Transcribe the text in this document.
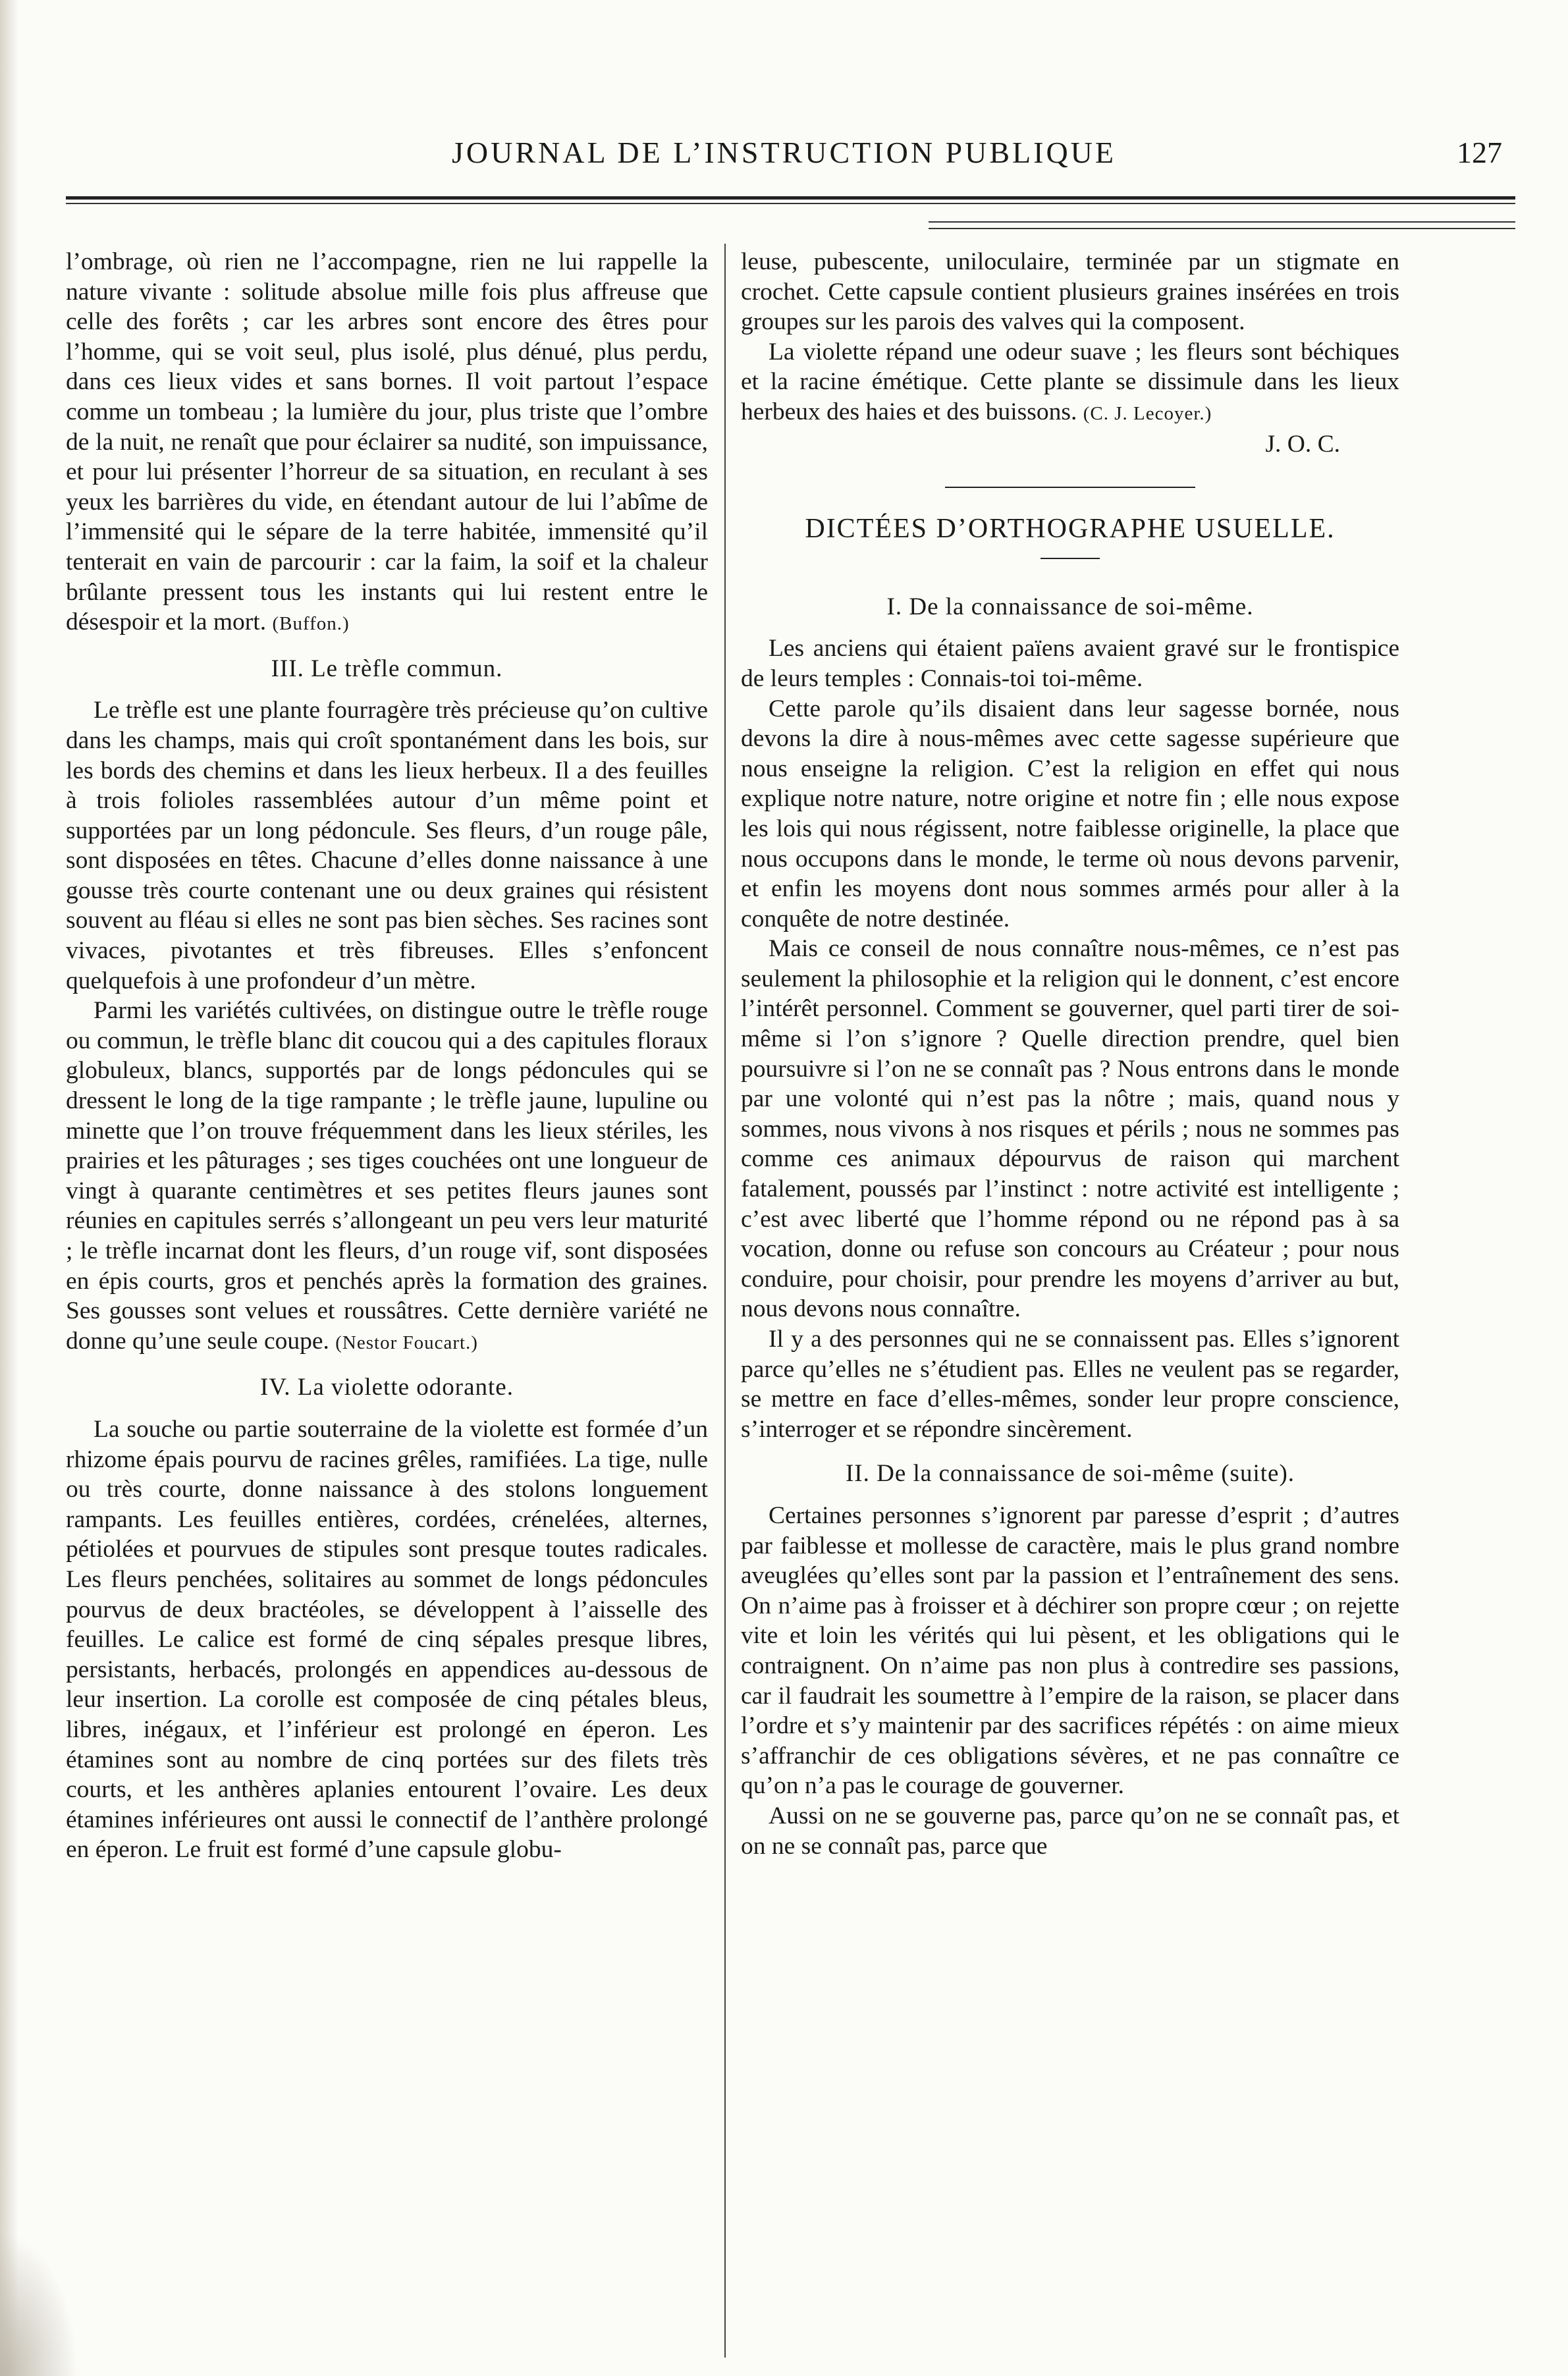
JOURNAL DE L’INSTRUCTION PUBLIQUE	127

l’ombrage, où rien ne l’accompagne, rien ne lui rappelle la nature vivante : solitude absolue mille fois plus affreuse que celle des forêts ; car les arbres sont encore des êtres pour l’homme, qui se voit seul, plus isolé, plus dénué, plus perdu, dans ces lieux vides et sans bornes. Il voit partout l’espace comme un tombeau ; la lumière du jour, plus triste que l’ombre de la nuit, ne renaît que pour éclairer sa nudité, son impuissance, et pour lui présenter l’horreur de sa situation, en reculant à ses yeux les barrières du vide, en étendant autour de lui l’abîme de l’immensité qui le sépare de la terre habitée, immensité qu’il tenterait en vain de parcourir : car la faim, la soif et la chaleur brûlante pressent tous les instants qui lui restent entre le désespoir et la mort. (Buffon.)

III. Le trèfle commun.

Le trèfle est une plante fourragère très précieuse qu’on cultive dans les champs, mais qui croît spontanément dans les bois, sur les bords des chemins et dans les lieux herbeux. Il a des feuilles à trois folioles rassemblées autour d’un même point et supportées par un long pédoncule. Ses fleurs, d’un rouge pâle, sont disposées en têtes. Chacune d’elles donne naissance à une gousse très courte contenant une ou deux graines qui résistent souvent au fléau si elles ne sont pas bien sèches. Ses racines sont vivaces, pivotantes et très fibreuses. Elles s’enfoncent quelquefois à une profondeur d’un mètre.

Parmi les variétés cultivées, on distingue outre le trèfle rouge ou commun, le trèfle blanc dit coucou qui a des capitules floraux globuleux, blancs, supportés par de longs pédoncules qui se dressent le long de la tige rampante ; le trèfle jaune, lupuline ou minette que l’on trouve fréquemment dans les lieux stériles, les prairies et les pâturages ; ses tiges couchées ont une longueur de vingt à quarante centimètres et ses petites fleurs jaunes sont réunies en capitules serrés s’allongeant un peu vers leur maturité ; le trèfle incarnat dont les fleurs, d’un rouge vif, sont disposées en épis courts, gros et penchés après la formation des graines. Ses gousses sont velues et roussâtres. Cette dernière variété ne donne qu’une seule coupe. (Nestor Foucart.)

IV. La violette odorante.

La souche ou partie souterraine de la violette est formée d’un rhizome épais pourvu de racines grêles, ramifiées. La tige, nulle ou très courte, donne naissance à des stolons longuement rampants. Les feuilles entières, cordées, crénelées, alternes, pétiolées et pourvues de stipules sont presque toutes radicales. Les fleurs penchées, solitaires au sommet de longs pédoncules pourvus de deux bractéoles, se développent à l’aisselle des feuilles. Le calice est formé de cinq sépales presque libres, persistants, herbacés, prolongés en appendices au-dessous de leur insertion. La corolle est composée de cinq pétales bleus, libres, inégaux, et l’inférieur est prolongé en éperon. Les étamines sont au nombre de cinq portées sur des filets très courts, et les anthères aplanies entourent l’ovaire. Les deux étamines inférieures ont aussi le connectif de l’anthère prolongé en éperon. Le fruit est formé d’une capsule globu-

leuse, pubescente, uniloculaire, terminée par un stigmate en crochet. Cette capsule contient plusieurs graines insérées en trois groupes sur les parois des valves qui la composent.

La violette répand une odeur suave ; les fleurs sont béchiques et la racine émétique. Cette plante se dissimule dans les lieux herbeux des haies et des buissons. (C. J. Lecoyer.)

J. O. C.

DICTÉES D’ORTHOGRAPHE USUELLE.
I. De la connaissance de soi-même.

Les anciens qui étaient païens avaient gravé sur le frontispice de leurs temples : Connais-toi toi-même.

Cette parole qu’ils disaient dans leur sagesse bornée, nous devons la dire à nous-mêmes avec cette sagesse supérieure que nous enseigne la religion. C’est la religion en effet qui nous explique notre nature, notre origine et notre fin ; elle nous expose les lois qui nous régissent, notre faiblesse originelle, la place que nous occupons dans le monde, le terme où nous devons parvenir, et enfin les moyens dont nous sommes armés pour aller à la conquête de notre destinée.

Mais ce conseil de nous connaître nous-mêmes, ce n’est pas seulement la philosophie et la religion qui le donnent, c’est encore l’intérêt personnel. Comment se gouverner, quel parti tirer de soi-même si l’on s’ignore ? Quelle direction prendre, quel bien poursuivre si l’on ne se connaît pas ? Nous entrons dans le monde par une volonté qui n’est pas la nôtre ; mais, quand nous y sommes, nous vivons à nos risques et périls ; nous ne sommes pas comme ces animaux dépourvus de raison qui marchent fatalement, poussés par l’instinct : notre activité est intelligente ; c’est avec liberté que l’homme répond ou ne répond pas à sa vocation, donne ou refuse son concours au Créateur ; pour nous conduire, pour choisir, pour prendre les moyens d’arriver au but, nous devons nous connaître.

Il y a des personnes qui ne se connaissent pas. Elles s’ignorent parce qu’elles ne s’étudient pas. Elles ne veulent pas se regarder, se mettre en face d’elles-mêmes, sonder leur propre conscience, s’interroger et se répondre sincèrement.

II. De la connaissance de soi-même (suite).

Certaines personnes s’ignorent par paresse d’esprit ; d’autres par faiblesse et mollesse de caractère, mais le plus grand nombre aveuglées qu’elles sont par la passion et l’entraînement des sens. On n’aime pas à froisser et à déchirer son propre cœur ; on rejette vite et loin les vérités qui lui pèsent, et les obligations qui le contraignent. On n’aime pas non plus à contredire ses passions, car il faudrait les soumettre à l’empire de la raison, se placer dans l’ordre et s’y maintenir par des sacrifices répétés : on aime mieux s’affranchir de ces obligations sévères, et ne pas connaître ce qu’on n’a pas le courage de gouverner.

Aussi on ne se gouverne pas, parce qu’on ne se connaît pas, et on ne se connaît pas, parce que
